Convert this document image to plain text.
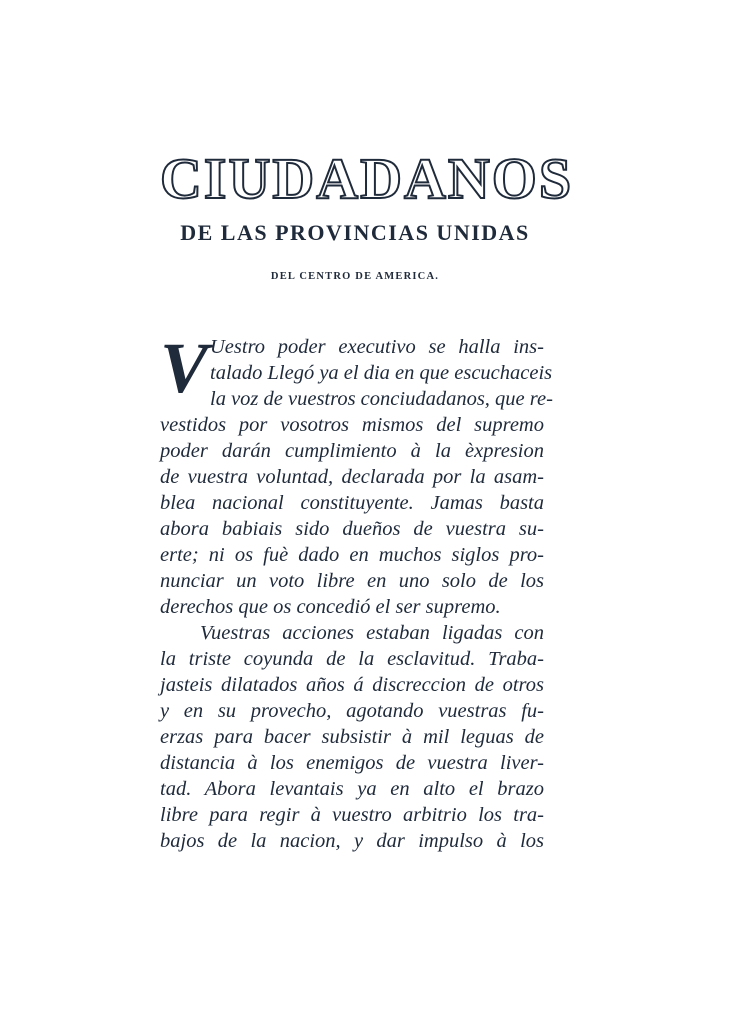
CIUDADANOS
DE LAS PROVINCIAS UNIDAS
DEL CENTRO DE AMERICA.
V Uestro poder executivo se halla ins-
talado Llegó ya el dia en que escuchaceis
la voz de vuestros conciudadanos, que re-
vestidos por vosotros mismos del supremo
poder darán cumplimiento à la èxpresion
de vuestra voluntad, declarada por la asam-
blea nacional constituyente. Jamas basta
abora babiais sido dueños de vuestra su-
erte; ni os fuè dado en muchos siglos pro-
nunciar un voto libre en uno solo de los
derechos que os concedió el ser supremo.
Vuestras acciones estaban ligadas con
la triste coyunda de la esclavitud. Traba-
jasteis dilatados años á discreccion de otros
y en su provecho, agotando vuestras fu-
erzas para bacer subsistir à mil leguas de
distancia à los enemigos de vuestra liver-
tad. Abora levantais ya en alto el brazo
libre para regir à vuestro arbitrio los tra-
bajos de la nacion, y dar impulso à los
